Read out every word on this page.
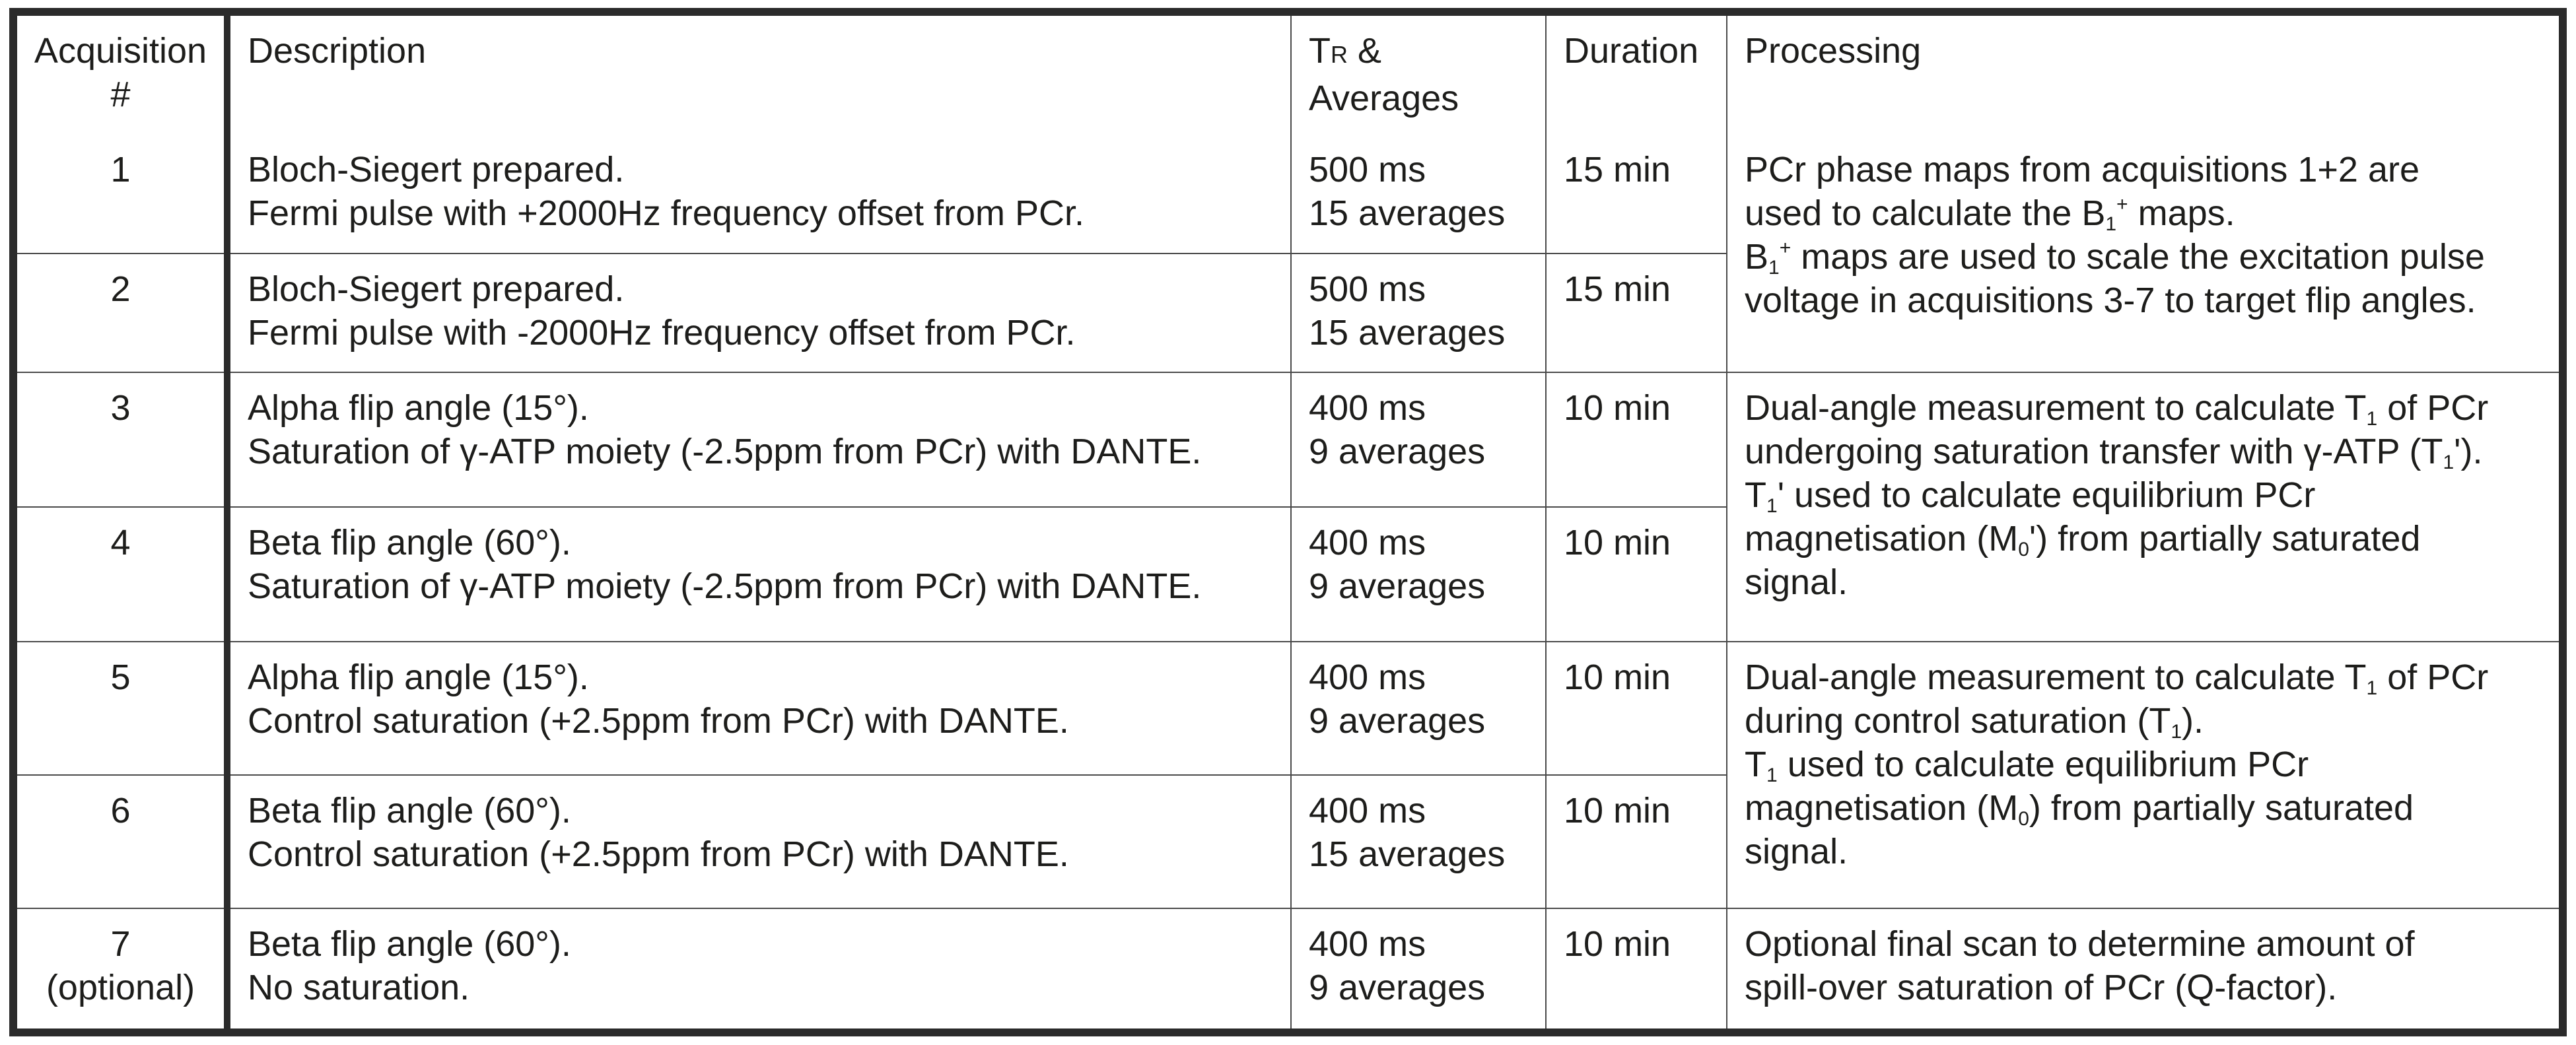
Acquisition
#	Description	TR &
Averages	Duration	Processing

1	Bloch-Siegert prepared.
Fermi pulse with +2000Hz frequency offset from PCr.	500 ms
15 averages	15 min	PCr phase maps from acquisitions 1+2 are
used to calculate the $B_1^+$ maps.
$B_1^+$ maps are used to scale the excitation pulse
voltage in acquisitions 3-7 to target flip angles.

2	Bloch-Siegert prepared.
Fermi pulse with -2000Hz frequency offset from PCr.	500 ms
15 averages	15 min	

3	Alpha flip angle (15°).
Saturation of γ-ATP moiety (-2.5ppm from PCr) with DANTE.	400 ms
9 averages	10 min	Dual-angle measurement to calculate $T_1$ of PCr
undergoing saturation transfer with γ-ATP $(T_1')$.
$T_1'$ used to calculate equilibrium PCr
magnetisation $(M_0')$ from partially saturated
signal.

4	Beta flip angle (60°).
Saturation of γ-ATP moiety (-2.5ppm from PCr) with DANTE.	400 ms
9 averages	10 min	

5	Alpha flip angle (15°).
Control saturation (+2.5ppm from PCr) with DANTE.	400 ms
9 averages	10 min	Dual-angle measurement to calculate $T_1$ of PCr
during control saturation $(T_1)$.
$T_1$ used to calculate equilibrium PCr
magnetisation $(M_0)$ from partially saturated
signal.

6	Beta flip angle (60°).
Control saturation (+2.5ppm from PCr) with DANTE.	400 ms
15 averages	10 min	

7
(optional)	Beta flip angle (60°).
No saturation.	400 ms
9 averages	10 min	Optional final scan to determine amount of
spill-over saturation of PCr (Q-factor).
